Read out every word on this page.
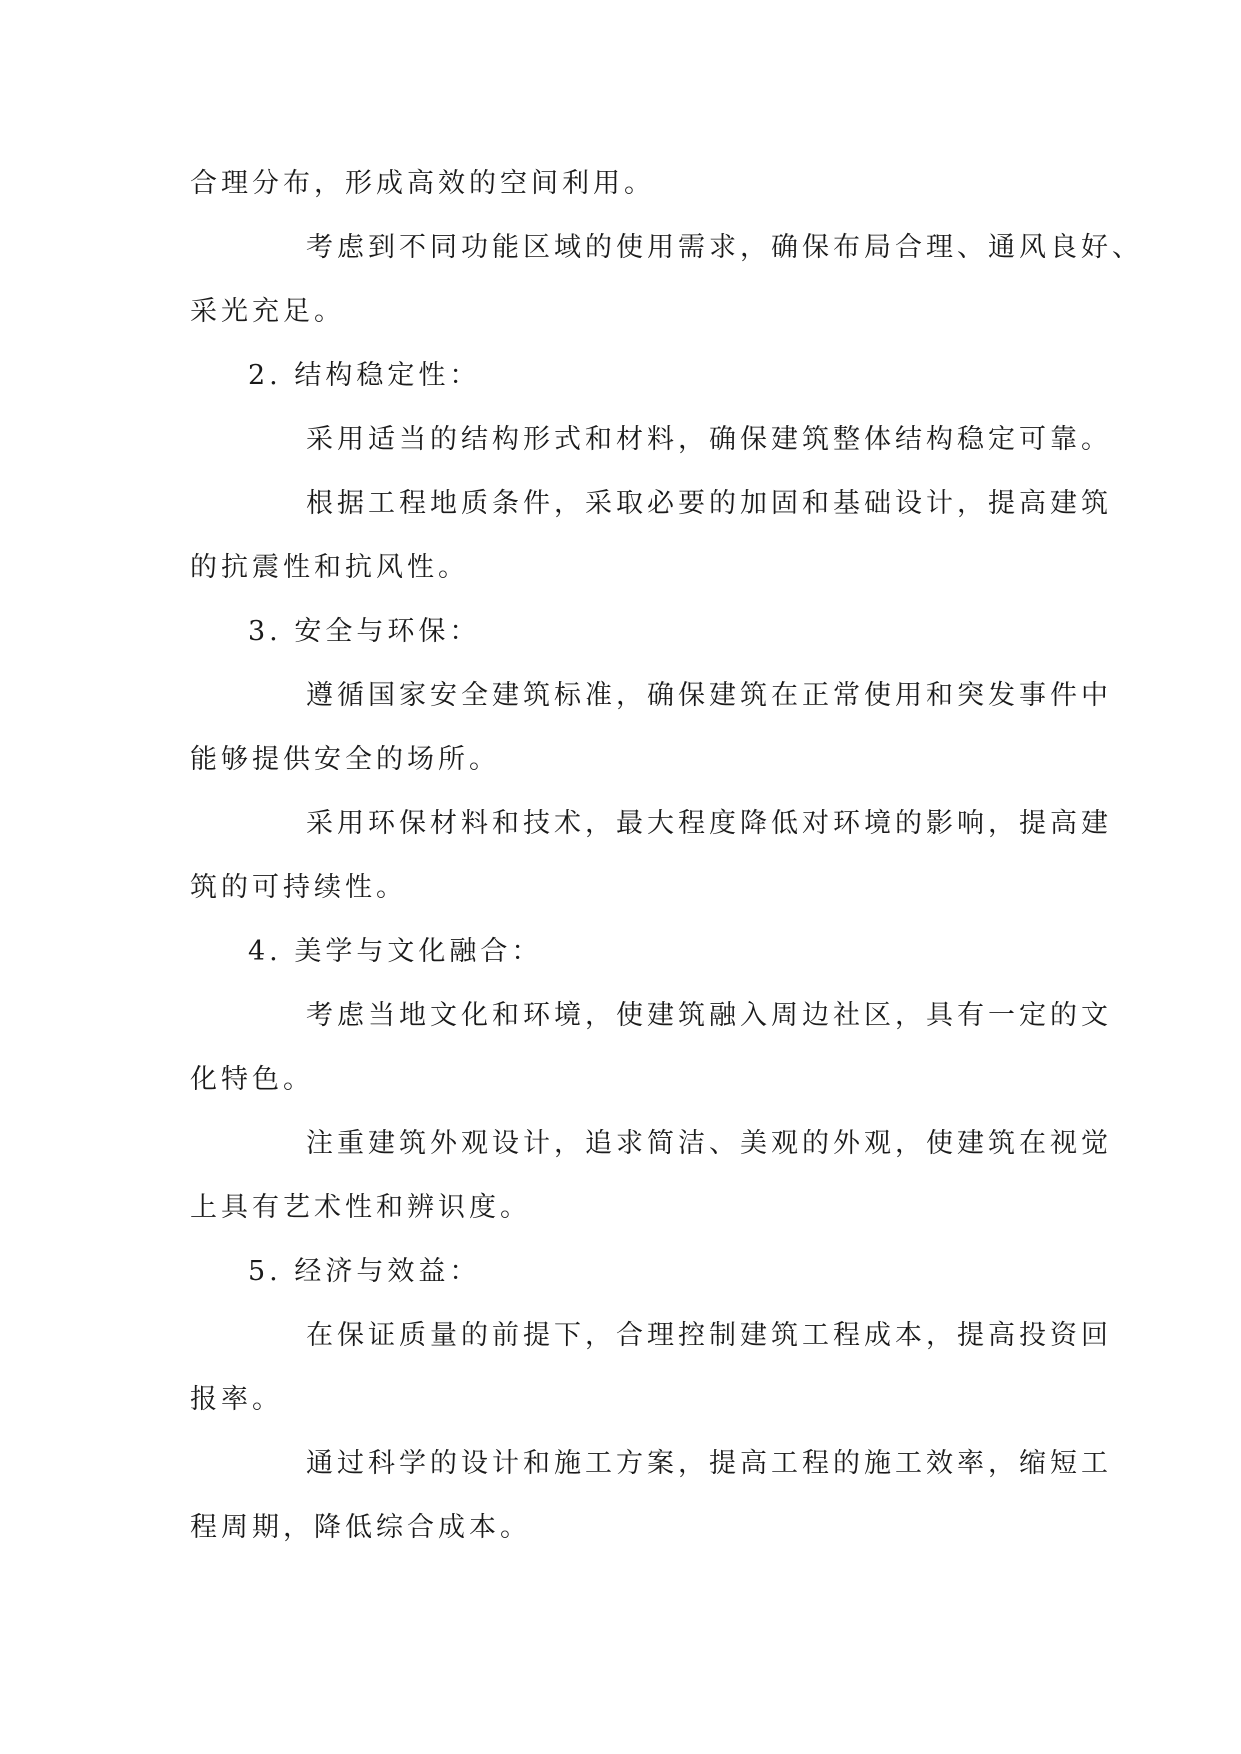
合理分布，形成高效的空间利用。
考虑到不同功能区域的使用需求，确保布局合理、通风良好、
采光充足。
2. 结构稳定性：
采用适当的结构形式和材料，确保建筑整体结构稳定可靠。
根据工程地质条件，采取必要的加固和基础设计，提高建筑
的抗震性和抗风性。
3. 安全与环保：
遵循国家安全建筑标准，确保建筑在正常使用和突发事件中
能够提供安全的场所。
采用环保材料和技术，最大程度降低对环境的影响，提高建
筑的可持续性。
4. 美学与文化融合：
考虑当地文化和环境，使建筑融入周边社区，具有一定的文
化特色。
注重建筑外观设计，追求简洁、美观的外观，使建筑在视觉
上具有艺术性和辨识度。
5. 经济与效益：
在保证质量的前提下，合理控制建筑工程成本，提高投资回
报率。
通过科学的设计和施工方案，提高工程的施工效率，缩短工
程周期，降低综合成本。
